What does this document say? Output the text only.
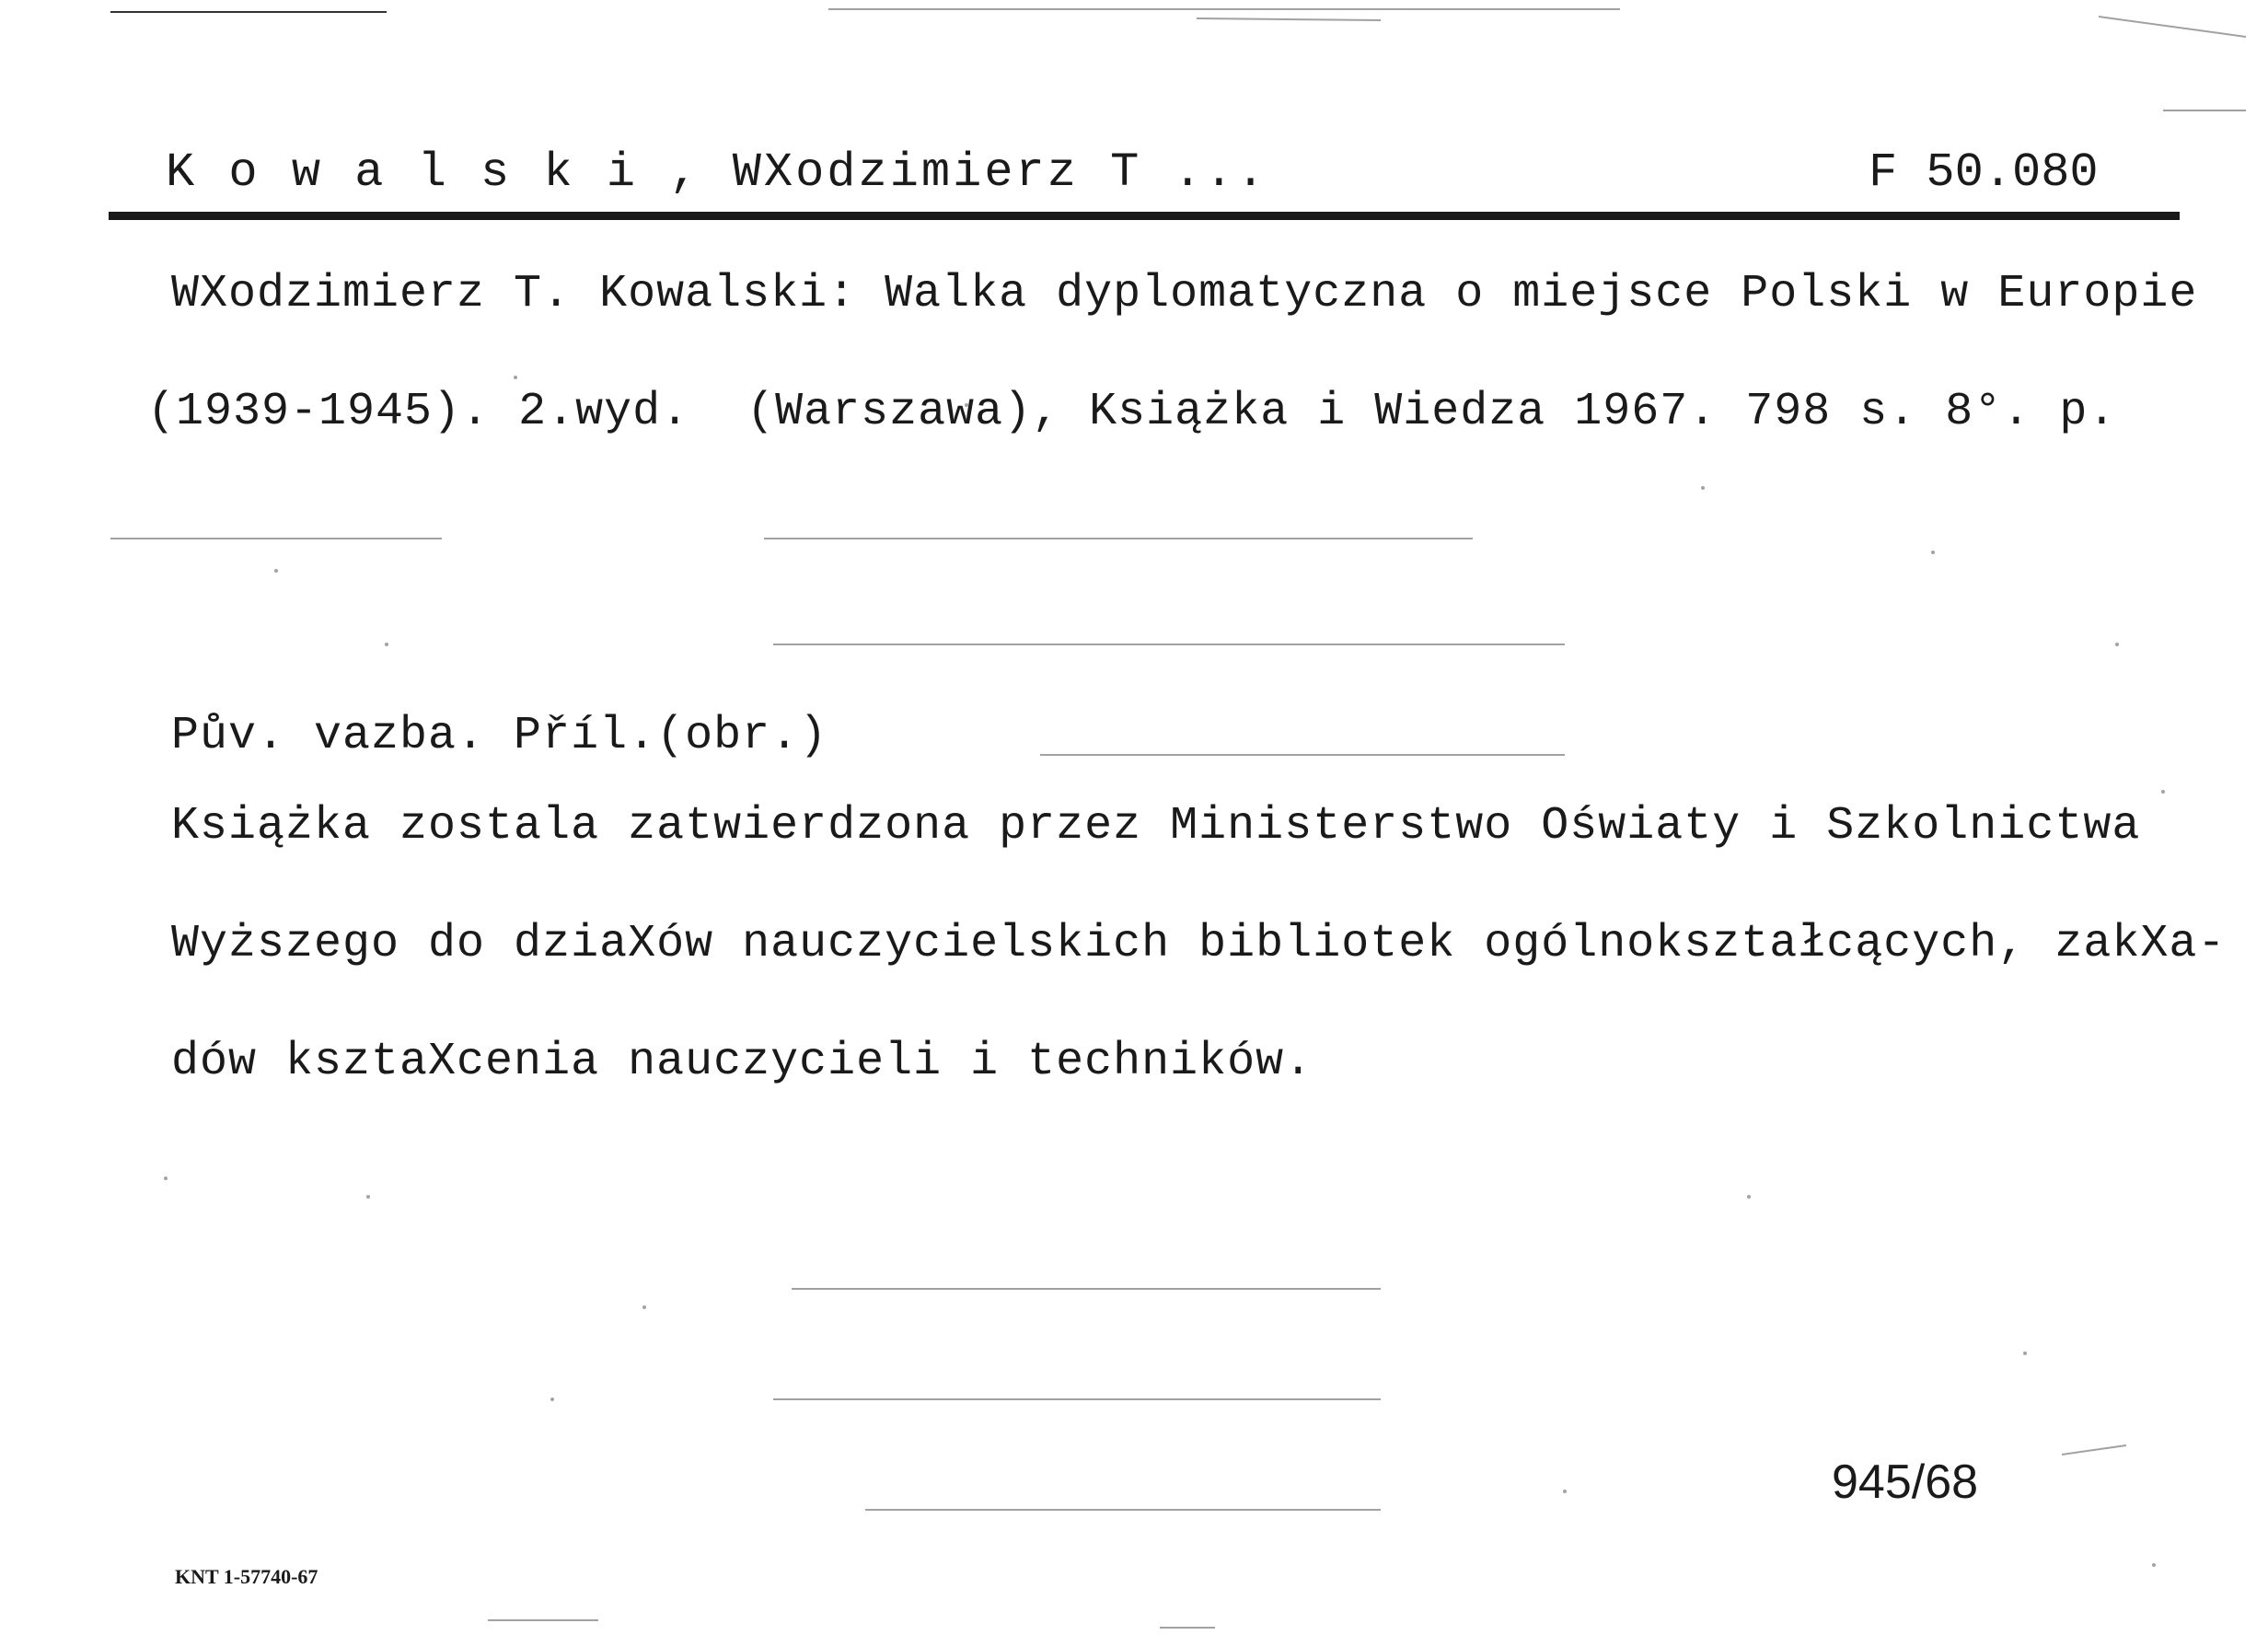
K o w a l s k i , WXodzimierz T ...	F 50.080
WXodzimierz T. Kowalski: Walka dyplomatyczna o miejsce Polski w Europie
(1939-1945). 2.wyd.  (Warszawa), Książka i Wiedza 1967. 798 s. 8°. p.
Pův. vazba. Příl.(obr.)
Książka zostala zatwierdzona przez Ministerstwo Oświaty i Szkolnictwa
Wyższego do dziaXów nauczycielskich bibliotek ogólnokształcących, zakXa-
dów ksztaXcenia nauczycieli i techników.
945/68
KNT 1-57740-67
